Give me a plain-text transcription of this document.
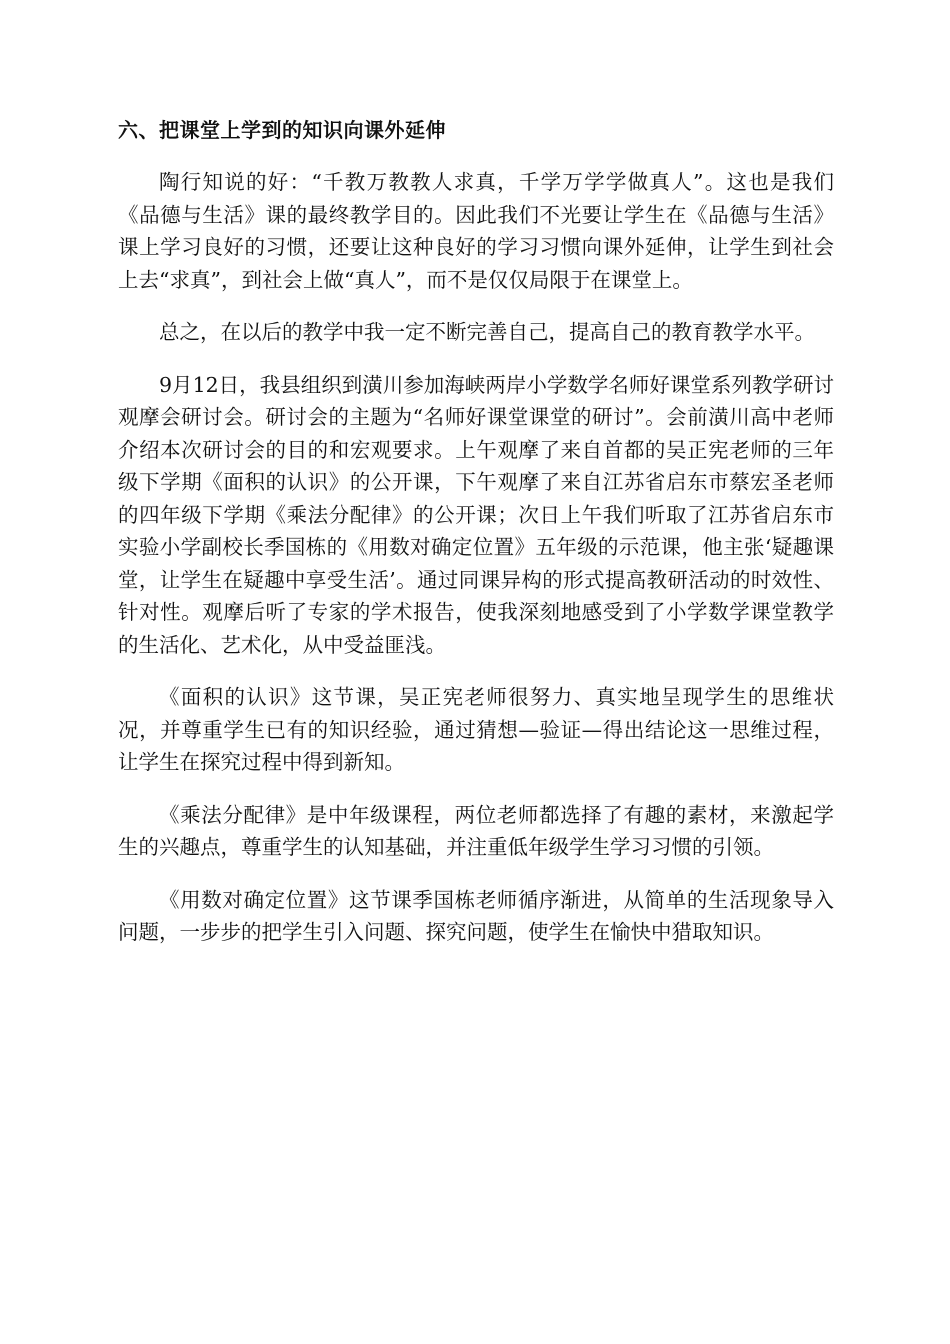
六、把课堂上学到的知识向课外延伸

陶行知说的好：“千教万教教人求真，千学万学学做真人”。这也是我们《品德与生活》课的最终教学目的。因此我们不光要让学生在《品德与生活》课上学习良好的习惯，还要让这种良好的学习习惯向课外延伸，让学生到社会上去“求真”，到社会上做“真人”，而不是仅仅局限于在课堂上。

总之，在以后的教学中我一定不断完善自己，提高自己的教育教学水平。

9月12日，我县组织到潢川参加海峡两岸小学数学名师好课堂系列教学研讨观摩会研讨会。研讨会的主题为“名师好课堂课堂的研讨”。会前潢川高中老师介绍本次研讨会的目的和宏观要求。上午观摩了来自首都的吴正宪老师的三年级下学期《面积的认识》的公开课，下午观摩了来自江苏省启东市蔡宏圣老师的四年级下学期《乘法分配律》的公开课；次日上午我们听取了江苏省启东市实验小学副校长季国栋的《用数对确定位置》五年级的示范课，他主张‘疑趣课堂，让学生在疑趣中享受生活’。通过同课异构的形式提高教研活动的时效性、针对性。观摩后听了专家的学术报告，使我深刻地感受到了小学数学课堂教学的生活化、艺术化，从中受益匪浅。

《面积的认识》这节课，吴正宪老师很努力、真实地呈现学生的思维状况，并尊重学生已有的知识经验，通过猜想—验证—得出结论这一思维过程，让学生在探究过程中得到新知。

《乘法分配律》是中年级课程，两位老师都选择了有趣的素材，来激起学生的兴趣点，尊重学生的认知基础，并注重低年级学生学习习惯的引领。

《用数对确定位置》这节课季国栋老师循序渐进，从简单的生活现象导入问题，一步步的把学生引入问题、探究问题，使学生在愉快中猎取知识。
